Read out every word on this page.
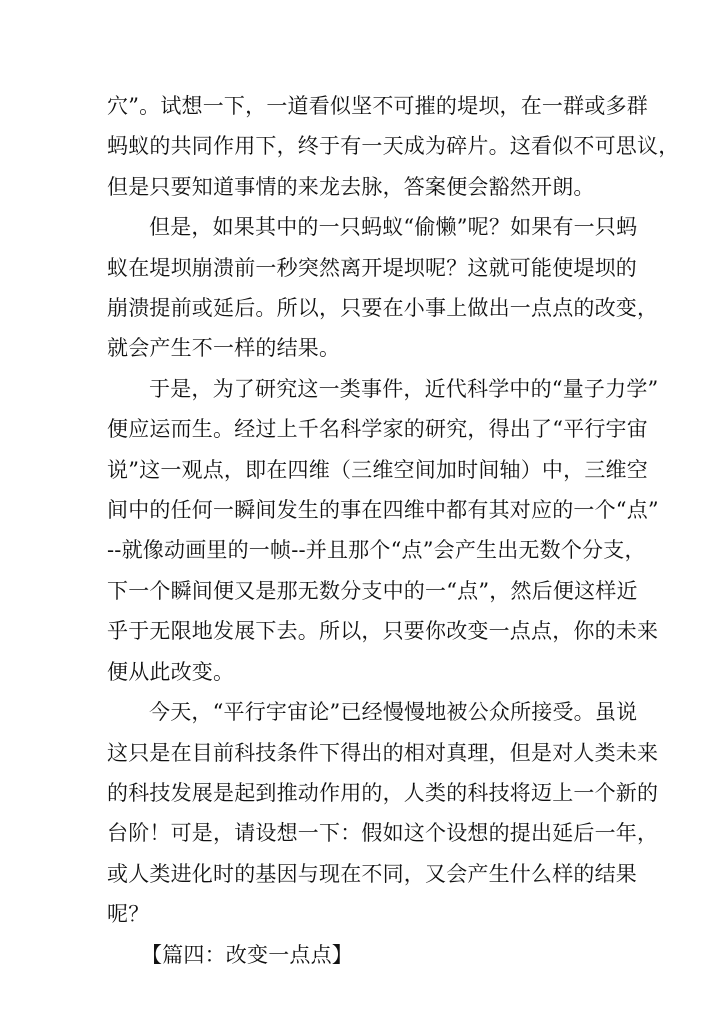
穴”。试想一下，一道看似坚不可摧的堤坝，在一群或多群
蚂蚁的共同作用下，终于有一天成为碎片。这看似不可思议，
但是只要知道事情的来龙去脉，答案便会豁然开朗。

但是，如果其中的一只蚂蚁“偷懒”呢？如果有一只蚂
蚁在堤坝崩溃前一秒突然离开堤坝呢？这就可能使堤坝的
崩溃提前或延后。所以，只要在小事上做出一点点的改变，
就会产生不一样的结果。

于是，为了研究这一类事件，近代科学中的“量子力学”
便应运而生。经过上千名科学家的研究，得出了“平行宇宙
说”这一观点，即在四维（三维空间加时间轴）中，三维空
间中的任何一瞬间发生的事在四维中都有其对应的一个“点”
--就像动画里的一帧--并且那个“点”会产生出无数个分支，
下一个瞬间便又是那无数分支中的一“点”，然后便这样近
乎于无限地发展下去。所以，只要你改变一点点，你的未来
便从此改变。

今天，“平行宇宙论”已经慢慢地被公众所接受。虽说
这只是在目前科技条件下得出的相对真理，但是对人类未来
的科技发展是起到推动作用的，人类的科技将迈上一个新的
台阶！可是，请设想一下：假如这个设想的提出延后一年，
或人类进化时的基因与现在不同，又会产生什么样的结果
呢？

【篇四：改变一点点】
